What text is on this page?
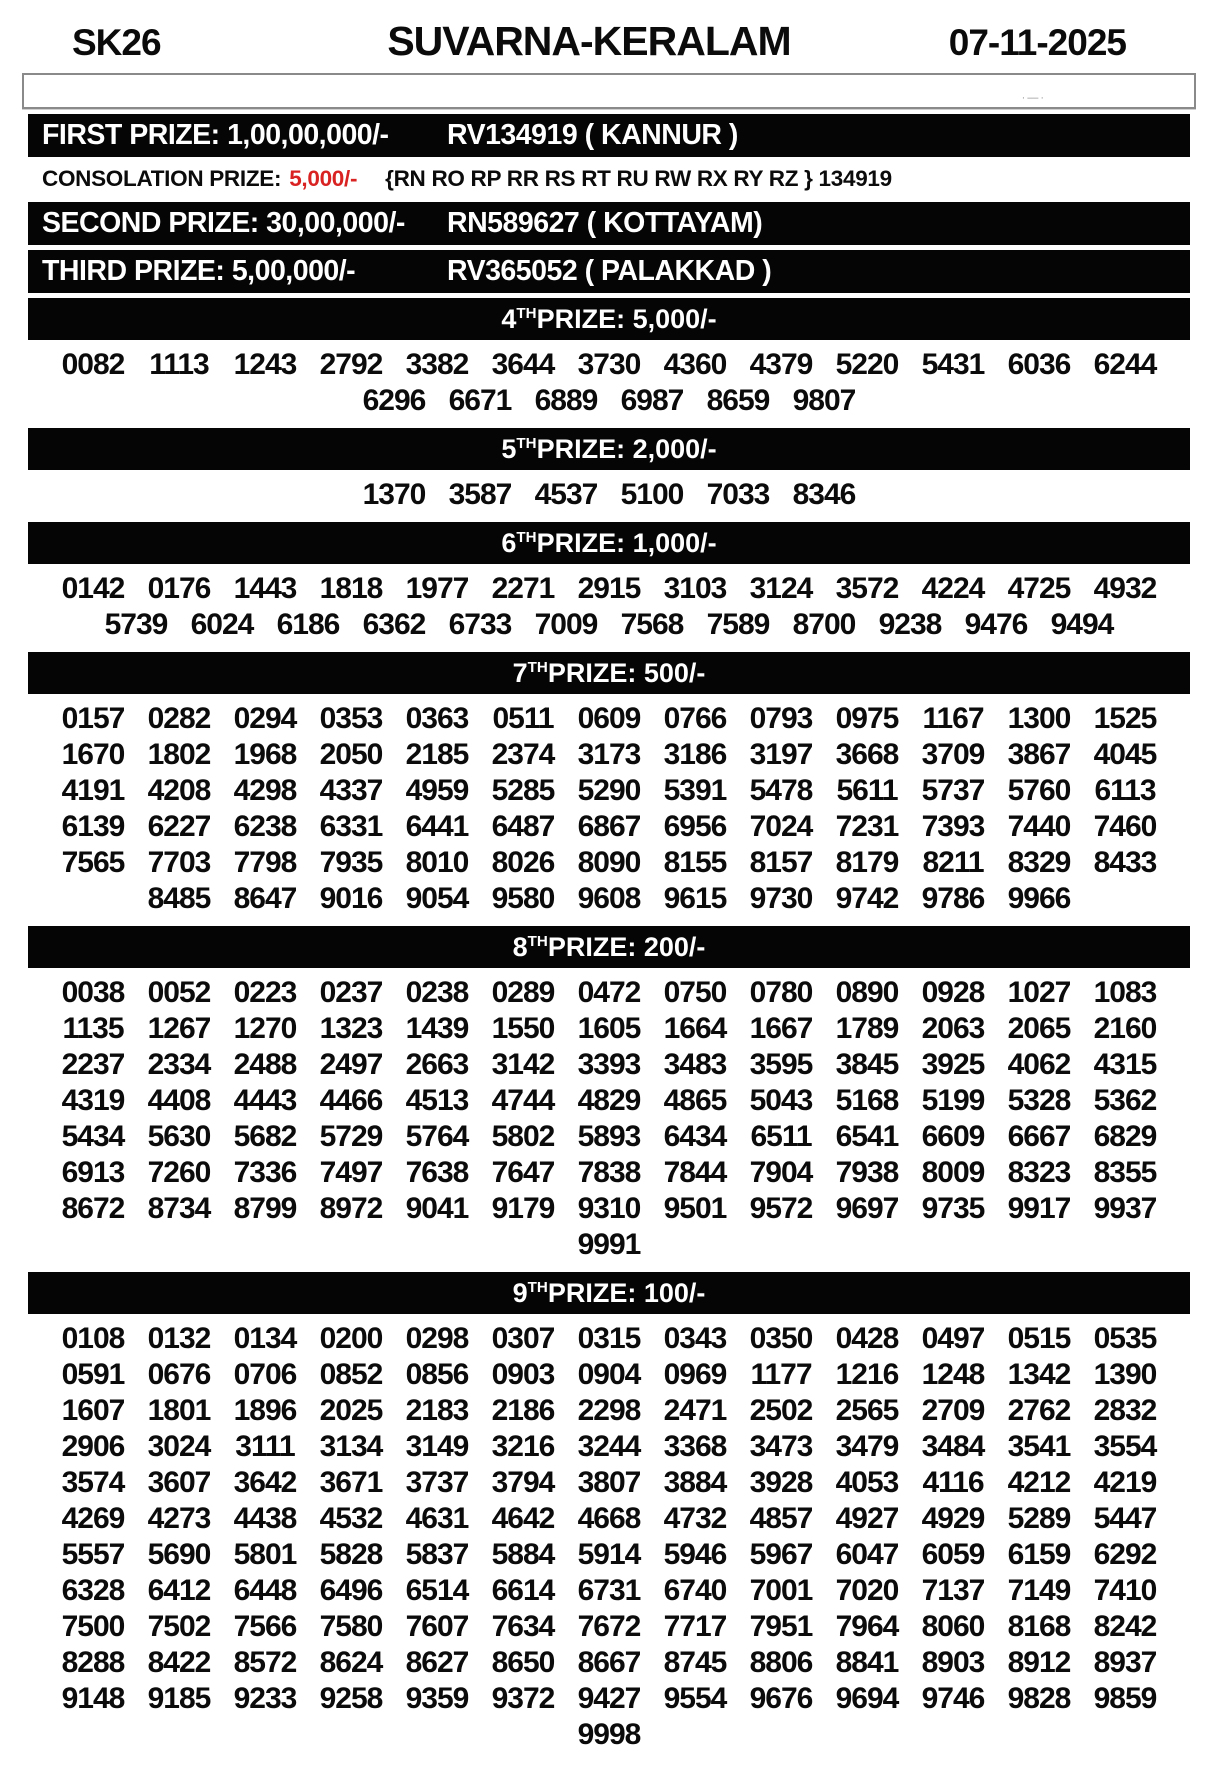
SK26	SUVARNA-KERALAM	07-11-2025
·—·
FIRST PRIZE: 1,00,00,000/-	RV134919 ( KANNUR )
CONSOLATION PRIZE: 5,000/- {RN RO RP RR RS RT RU RW RX RY RZ } 134919
SECOND PRIZE: 30,00,000/-	RN589627 ( KOTTAYAM)
THIRD PRIZE: 5,00,000/-	RV365052 ( PALAKKAD )
4 TH PRIZE: 5,000/-
0082 1113 1243 2792 3382 3644 3730 4360 4379 5220 5431 6036 6244
6296 6671 6889 6987 8659 9807
5 TH PRIZE: 2,000/-
1370 3587 4537 5100 7033 8346
6 TH PRIZE: 1,000/-
0142 0176 1443 1818 1977 2271 2915 3103 3124 3572 4224 4725 4932
5739 6024 6186 6362 6733 7009 7568 7589 8700 9238 9476 9494
7 TH PRIZE: 500/-
0157 0282 0294 0353 0363 0511 0609 0766 0793 0975 1167 1300 1525
1670 1802 1968 2050 2185 2374 3173 3186 3197 3668 3709 3867 4045
4191 4208 4298 4337 4959 5285 5290 5391 5478 5611 5737 5760 6113
6139 6227 6238 6331 6441 6487 6867 6956 7024 7231 7393 7440 7460
7565 7703 7798 7935 8010 8026 8090 8155 8157 8179 8211 8329 8433
8485 8647 9016 9054 9580 9608 9615 9730 9742 9786 9966
8 TH PRIZE: 200/-
0038 0052 0223 0237 0238 0289 0472 0750 0780 0890 0928 1027 1083
1135 1267 1270 1323 1439 1550 1605 1664 1667 1789 2063 2065 2160
2237 2334 2488 2497 2663 3142 3393 3483 3595 3845 3925 4062 4315
4319 4408 4443 4466 4513 4744 4829 4865 5043 5168 5199 5328 5362
5434 5630 5682 5729 5764 5802 5893 6434 6511 6541 6609 6667 6829
6913 7260 7336 7497 7638 7647 7838 7844 7904 7938 8009 8323 8355
8672 8734 8799 8972 9041 9179 9310 9501 9572 9697 9735 9917 9937
9991
9 TH PRIZE: 100/-
0108 0132 0134 0200 0298 0307 0315 0343 0350 0428 0497 0515 0535
0591 0676 0706 0852 0856 0903 0904 0969 1177 1216 1248 1342 1390
1607 1801 1896 2025 2183 2186 2298 2471 2502 2565 2709 2762 2832
2906 3024 3111 3134 3149 3216 3244 3368 3473 3479 3484 3541 3554
3574 3607 3642 3671 3737 3794 3807 3884 3928 4053 4116 4212 4219
4269 4273 4438 4532 4631 4642 4668 4732 4857 4927 4929 5289 5447
5557 5690 5801 5828 5837 5884 5914 5946 5967 6047 6059 6159 6292
6328 6412 6448 6496 6514 6614 6731 6740 7001 7020 7137 7149 7410
7500 7502 7566 7580 7607 7634 7672 7717 7951 7964 8060 8168 8242
8288 8422 8572 8624 8627 8650 8667 8745 8806 8841 8903 8912 8937
9148 9185 9233 9258 9359 9372 9427 9554 9676 9694 9746 9828 9859
9998
